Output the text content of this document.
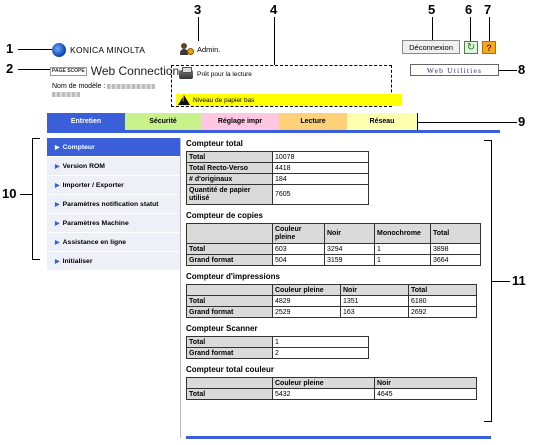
1
2
3	4	5 6 7
8
9
10
11
KONICA MINOLTA
PAGE SCOPE Web Connection
Nom de modèle :
Admin.	Déconnexion	↻	?
Web Utilities
Prêt pour la lecture
!
Niveau de papier bas
Entretien	Sécurité	Réglage impr	Lecture	Réseau
▶ Compteur
▶ Version ROM
▶ Importer / Exporter
▶ Paramètres notification statut
▶ Paramètres Machine
▶ Assistance en ligne
▶ Initialiser
Compteur total
Total	10078
Total Recto-Verso	4418
# d'originaux	184
Quantité de papier utilisé	7605
Compteur de copies
	Couleur pleine	Noir	Monochrome	Total
Total	603	3294	1	3898
Grand format	504	3159	1	3664
Compteur d'impressions
	Couleur pleine	Noir	Total
Total	4829	1351	6180
Grand format	2529	163	2692
Compteur Scanner
Total	1
Grand format	2
Compteur total couleur
	Couleur pleine	Noir
Total	5432	4645
